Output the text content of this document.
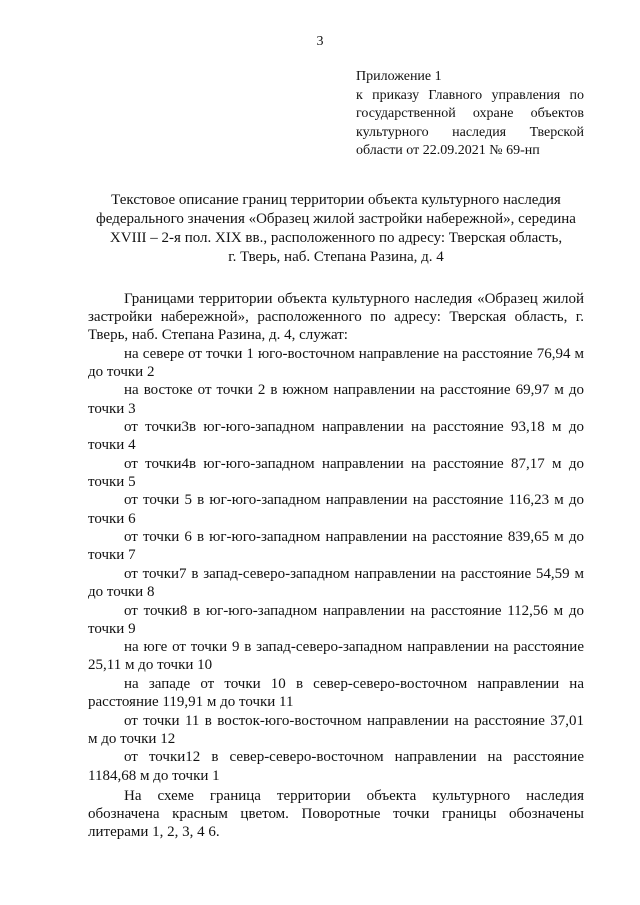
3
Приложение 1
к приказу Главного управления по
государственной охране объектов
культурного наследия Тверской
области от 22.09.2021 № 69-нп
Текстовое описание границ территории объекта культурного наследия
федерального значения «Образец жилой застройки набережной», середина
XVIII – 2-я пол. XIX вв., расположенного по адресу: Тверская область,
г. Тверь, наб. Степана Разина, д. 4

Границами территории объекта культурного наследия «Образец жилой застройки набережной», расположенного по адресу: Тверская область, г. Тверь, наб. Степана Разина, д. 4, служат:

на севере от точки 1 юго-восточном направление на расстояние 76,94 м до точки 2

на востоке от точки 2 в южном направлении на расстояние 69,97 м до точки 3

от точки3в юг-юго-западном направлении на расстояние 93,18 м до точки 4

от точки4в юг-юго-западном направлении на расстояние 87,17 м до точки 5

от точки 5 в юг-юго-западном направлении на расстояние 116,23 м до точки 6

от точки 6 в юг-юго-западном направлении на расстояние 839,65 м до точки 7

от точки7 в запад-северо-западном направлении на расстояние 54,59 м до точки 8

от точки8 в юг-юго-западном направлении на расстояние 112,56 м до точки 9

на юге от точки 9 в запад-северо-западном направлении на расстояние 25,11 м до точки 10

на западе от точки 10 в север-северо-восточном направлении на расстояние 119,91 м до точки 11

от точки 11 в восток-юго-восточном направлении на расстояние 37,01 м до точки 12

от точки12 в север-северо-восточном направлении на расстояние 1184,68 м до точки 1

На схеме граница территории объекта культурного наследия обозначена красным цветом. Поворотные точки границы обозначены литерами 1, 2, 3, 4 6.
